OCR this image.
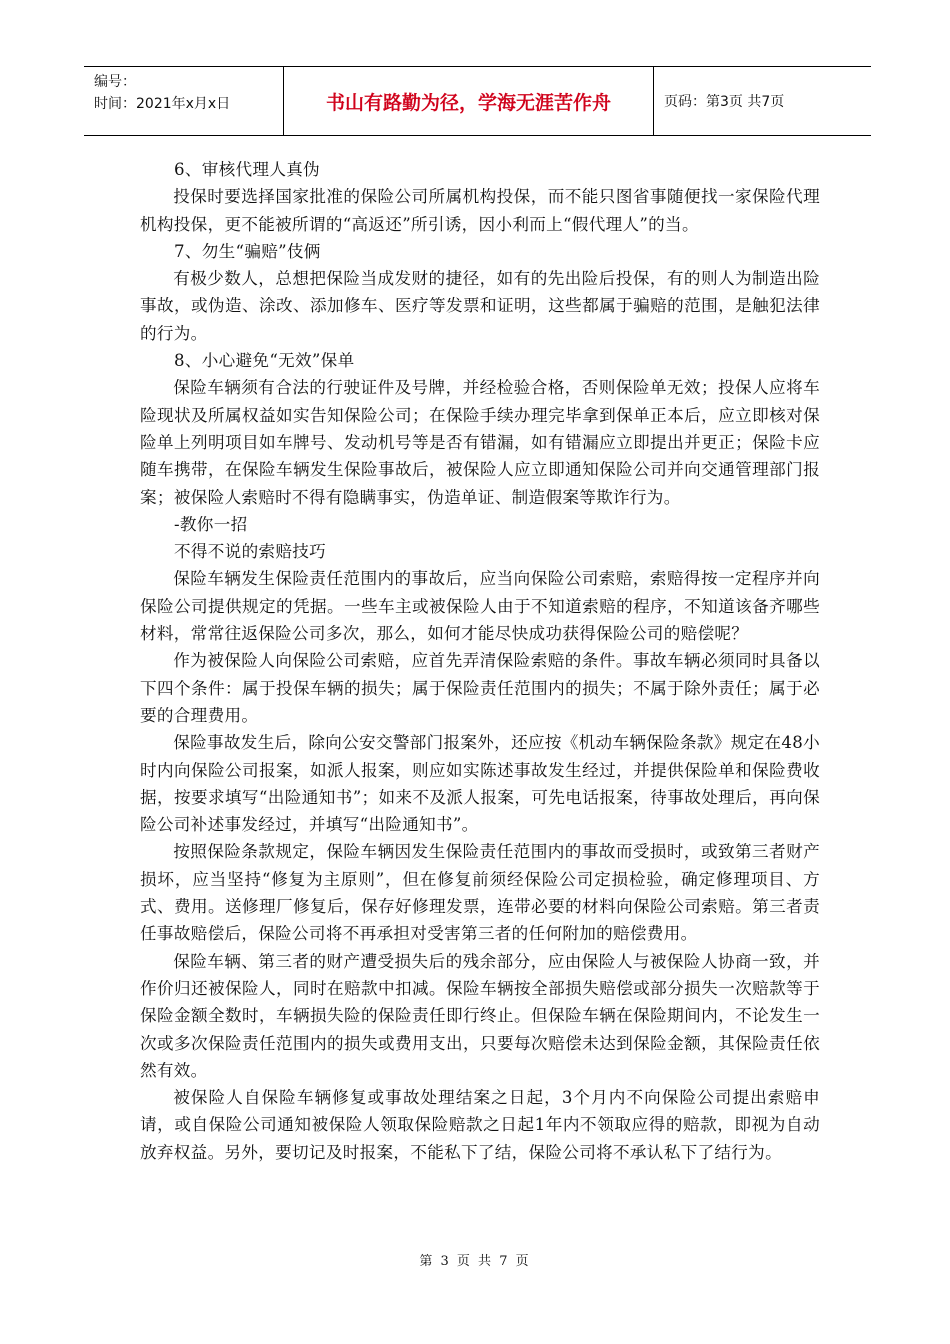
编号：
时间：2021年x月x日	书山有路勤为径，学海无涯苦作舟	页码：第3页 共7页

6、审核代理人真伪

投保时要选择国家批准的保险公司所属机构投保，而不能只图省事随便找一家保险代理机构投保，更不能被所谓的“高返还”所引诱，因小利而上“假代理人”的当。

7、勿生“骗赔”伎俩

有极少数人，总想把保险当成发财的捷径，如有的先出险后投保，有的则人为制造出险事故，或伪造、涂改、添加修车、医疗等发票和证明，这些都属于骗赔的范围，是触犯法律的行为。

8、小心避免“无效”保单

保险车辆须有合法的行驶证件及号牌，并经检验合格，否则保险单无效；投保人应将车险现状及所属权益如实告知保险公司；在保险手续办理完毕拿到保单正本后，应立即核对保险单上列明项目如车牌号、发动机号等是否有错漏，如有错漏应立即提出并更正；保险卡应随车携带，在保险车辆发生保险事故后，被保险人应立即通知保险公司并向交通管理部门报案；被保险人索赔时不得有隐瞒事实，伪造单证、制造假案等欺诈行为。

-教你一招

不得不说的索赔技巧

保险车辆发生保险责任范围内的事故后，应当向保险公司索赔，索赔得按一定程序并向保险公司提供规定的凭据。一些车主或被保险人由于不知道索赔的程序，不知道该备齐哪些材料，常常往返保险公司多次，那么，如何才能尽快成功获得保险公司的赔偿呢？

作为被保险人向保险公司索赔，应首先弄清保险索赔的条件。事故车辆必须同时具备以下四个条件：属于投保车辆的损失；属于保险责任范围内的损失；不属于除外责任；属于必要的合理费用。

保险事故发生后，除向公安交警部门报案外，还应按《机动车辆保险条款》规定在48小时内向保险公司报案，如派人报案，则应如实陈述事故发生经过，并提供保险单和保险费收据，按要求填写“出险通知书”；如来不及派人报案，可先电话报案，待事故处理后，再向保险公司补述事发经过，并填写“出险通知书”。

按照保险条款规定，保险车辆因发生保险责任范围内的事故而受损时，或致第三者财产损坏，应当坚持“修复为主原则”，但在修复前须经保险公司定损检验，确定修理项目、方式、费用。送修理厂修复后，保存好修理发票，连带必要的材料向保险公司索赔。第三者责任事故赔偿后，保险公司将不再承担对受害第三者的任何附加的赔偿费用。

保险车辆、第三者的财产遭受损失后的残余部分，应由保险人与被保险人协商一致，并作价归还被保险人，同时在赔款中扣减。保险车辆按全部损失赔偿或部分损失一次赔款等于保险金额全数时，车辆损失险的保险责任即行终止。但保险车辆在保险期间内，不论发生一次或多次保险责任范围内的损失或费用支出，只要每次赔偿未达到保险金额，其保险责任依然有效。

被保险人自保险车辆修复或事故处理结案之日起，3个月内不向保险公司提出索赔申请，或自保险公司通知被保险人领取保险赔款之日起1年内不领取应得的赔款，即视为自动放弃权益。另外，要切记及时报案，不能私下了结，保险公司将不承认私下了结行为。

第 3 页 共 7 页
